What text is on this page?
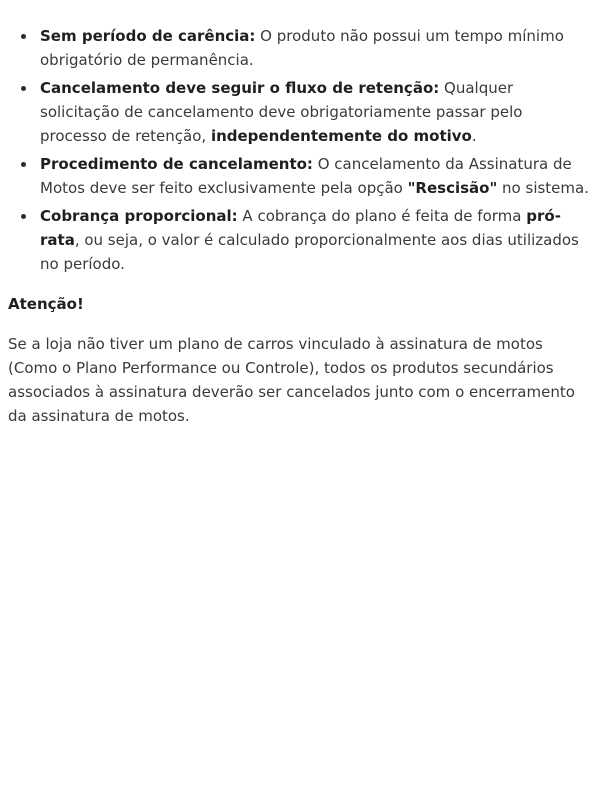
Sem período de carência: O produto não possui um tempo mínimo obrigatório de permanência.
Cancelamento deve seguir o fluxo de retenção: Qualquer solicitação de cancelamento deve obrigatoriamente passar pelo processo de retenção, independentemente do motivo.
Procedimento de cancelamento: O cancelamento da Assinatura de Motos deve ser feito exclusivamente pela opção "Rescisão" no sistema.
Cobrança proporcional: A cobrança do plano é feita de forma pró-rata, ou seja, o valor é calculado proporcionalmente aos dias utilizados no período.

Atenção!

Se a loja não tiver um plano de carros vinculado à assinatura de motos (Como o Plano Performance ou Controle), todos os produtos secundários associados à assinatura deverão ser cancelados junto com o encerramento da assinatura de motos.
